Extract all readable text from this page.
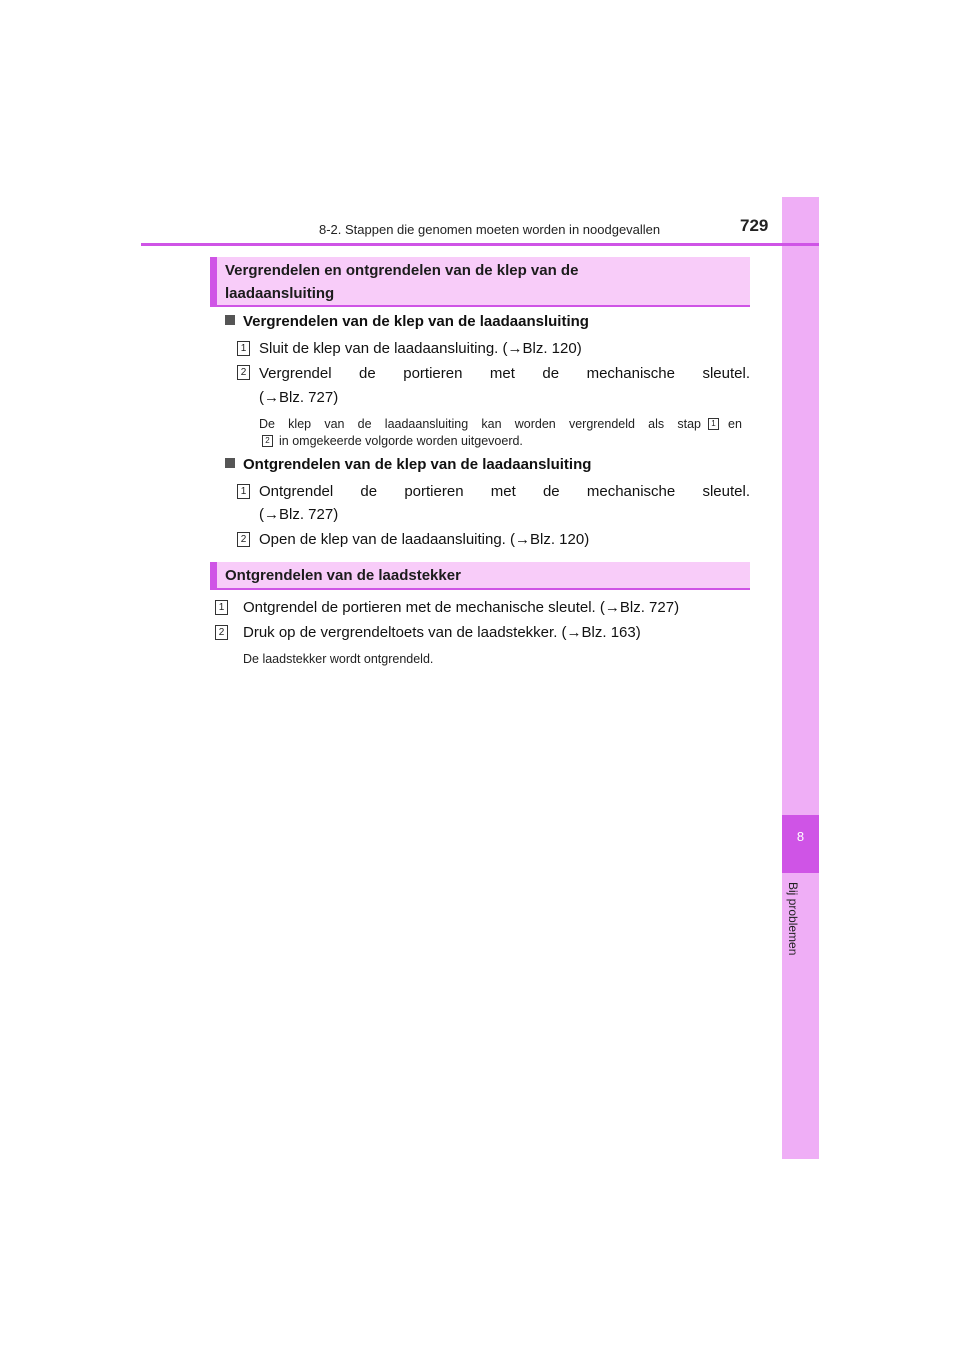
8
Bij problemen
8-2. Stappen die genomen moeten worden in noodgevallen	729
Vergrendelen en ontgrendelen van de klep van de
laadaansluiting
Vergrendelen van de klep van de laadaansluiting
1 Sluit de klep van de laadaansluiting. (→Blz. 120)
2 Vergrendel de portieren met de mechanische sleutel.
(→Blz. 727)
De klep van de laadaansluiting kan worden vergrendeld als stap	1 en
2 in omgekeerde volgorde worden uitgevoerd.
Ontgrendelen van de klep van de laadaansluiting
1 Ontgrendel de portieren met de mechanische sleutel.
(→Blz. 727)
2 Open de klep van de laadaansluiting. (→Blz. 120)
Ontgrendelen van de laadstekker
1 Ontgrendel de portieren met de mechanische sleutel. (→Blz. 727)
2 Druk op de vergrendeltoets van de laadstekker. (→Blz. 163)
De laadstekker wordt ontgrendeld.
